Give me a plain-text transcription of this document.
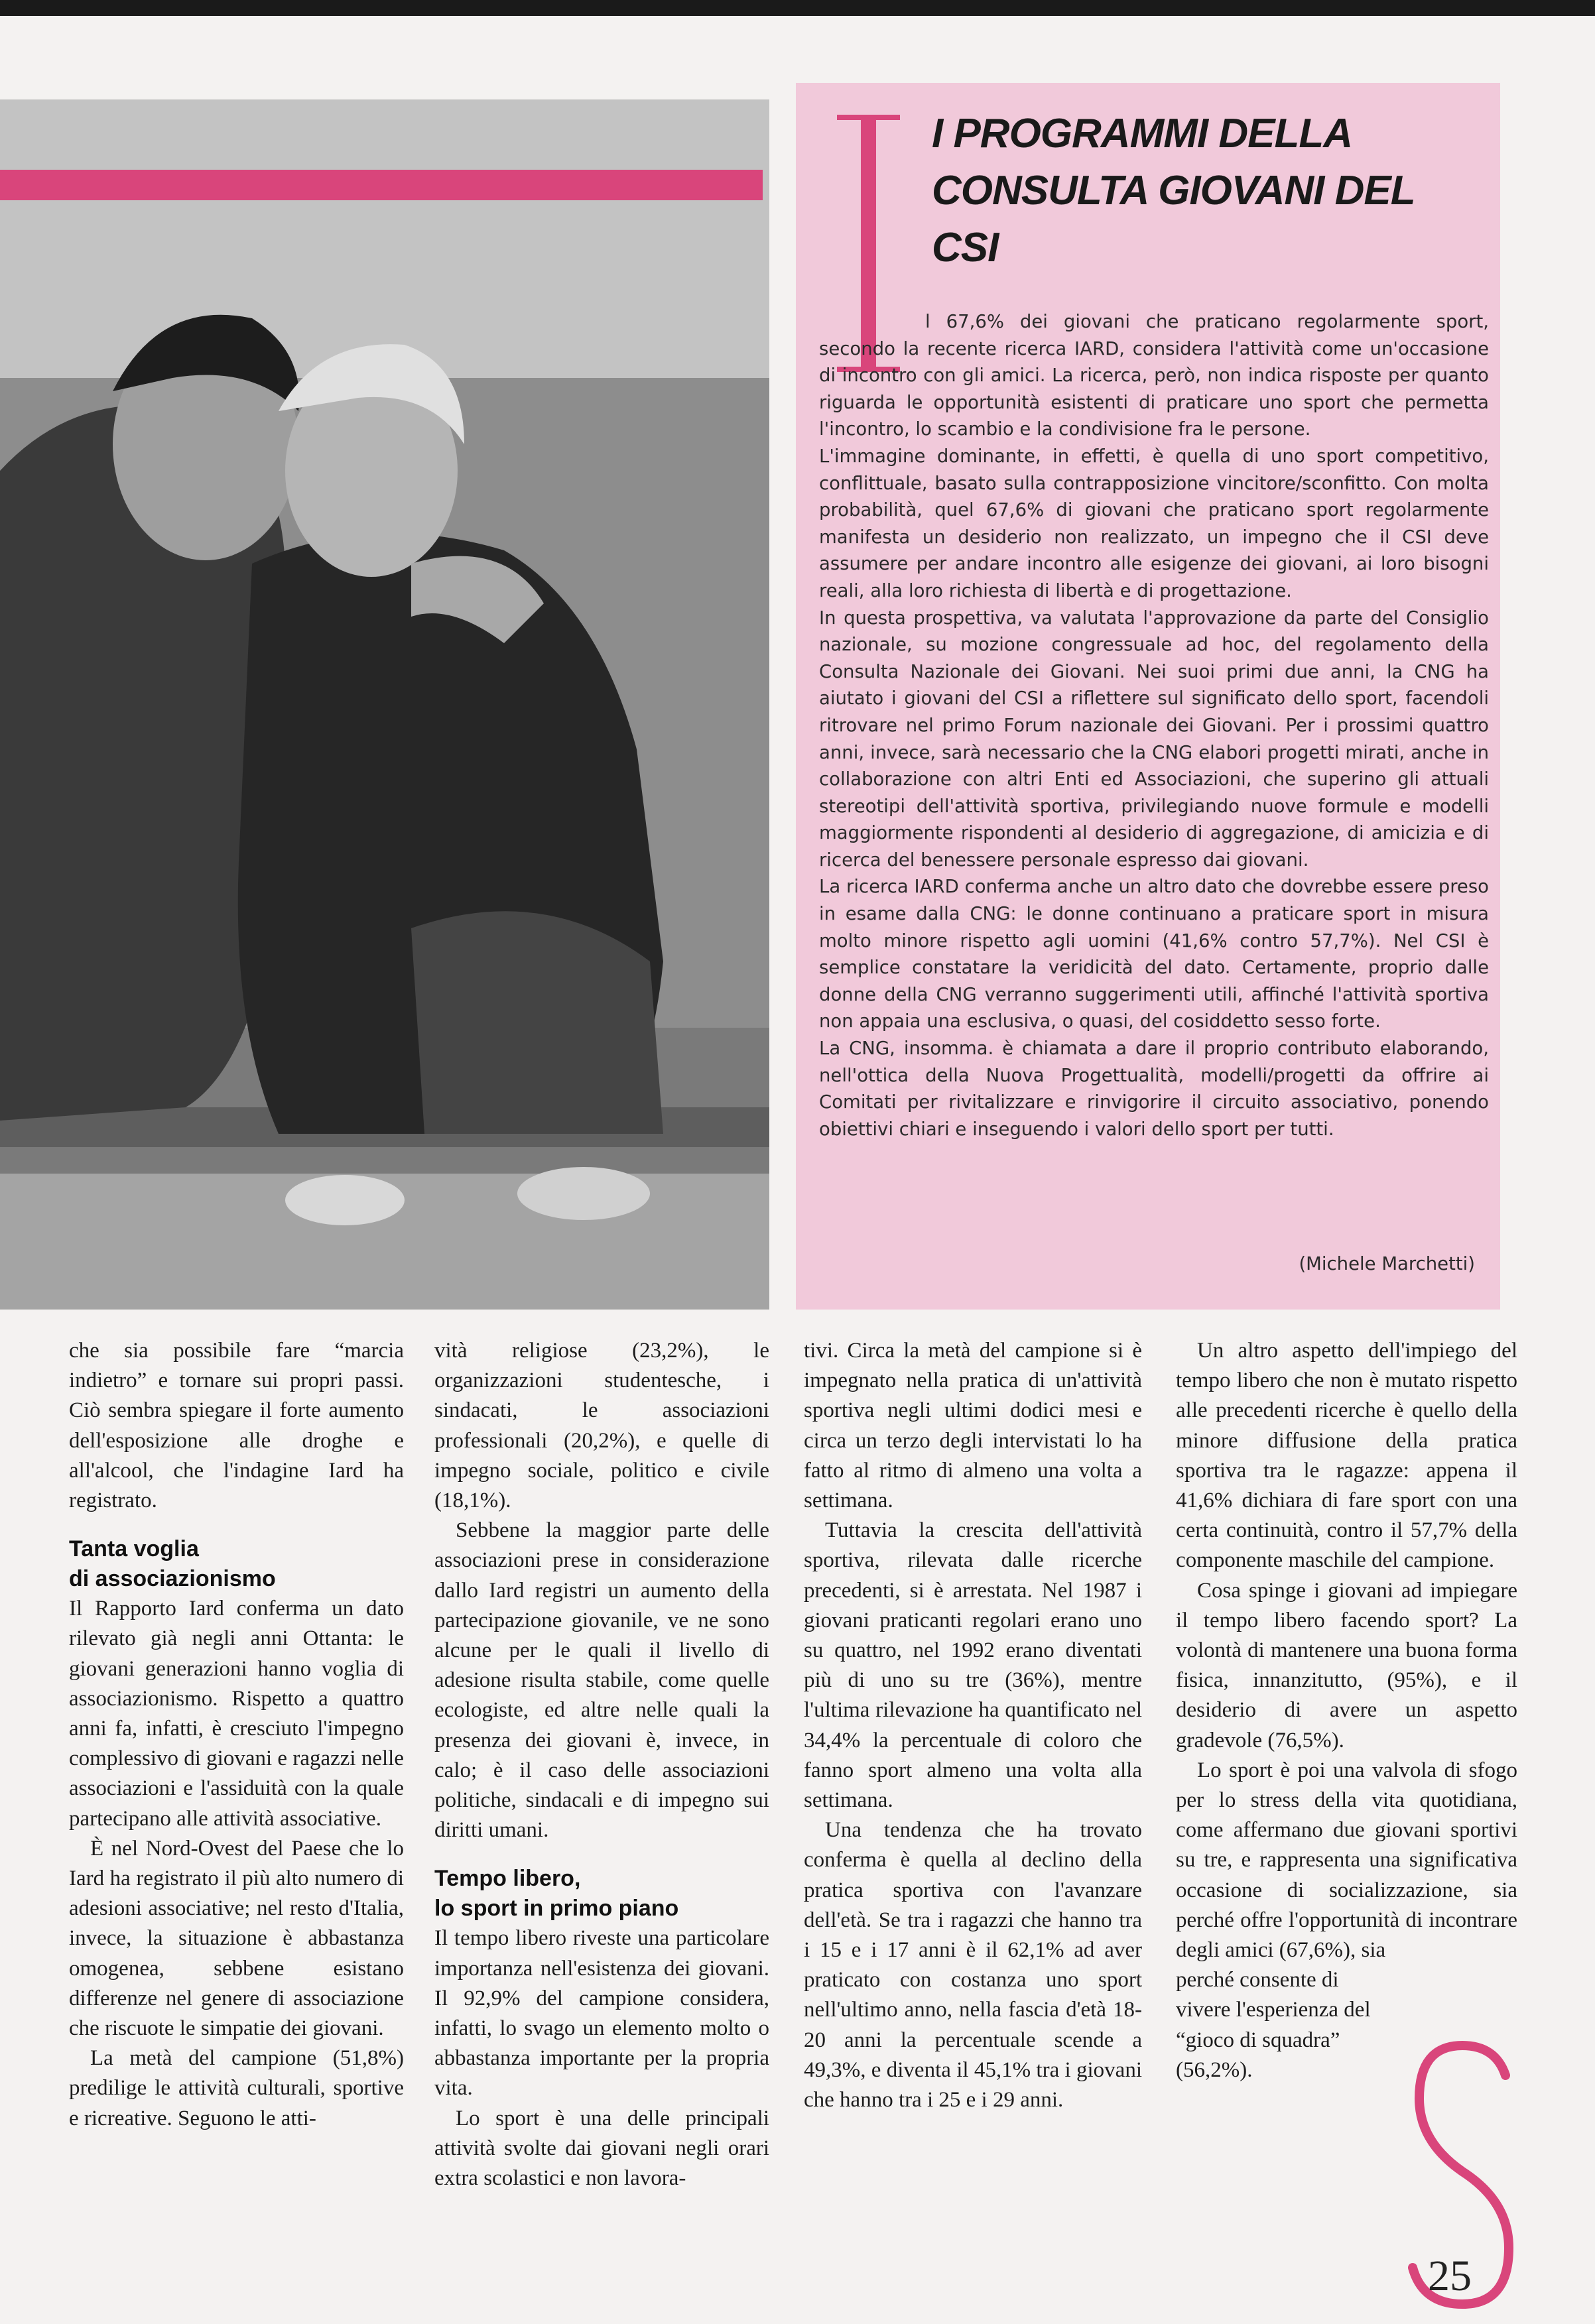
I PROGRAMMI DELLA CONSULTA GIOVANI DEL CSI

l 67,6% dei giovani che praticano regolarmente sport, secondo la recente ricerca IARD, considera l'attività come un'occasione di incontro con gli amici. La ricerca, però, non indica risposte per quanto riguarda le opportunità esistenti di praticare uno sport che permetta l'incontro, lo scambio e la condivisione fra le persone.

L'immagine dominante, in effetti, è quella di uno sport competitivo, conflittuale, basato sulla contrapposizione vincitore/sconfitto. Con molta probabilità, quel 67,6% di giovani che praticano sport regolarmente manifesta un desiderio non realizzato, un impegno che il CSI deve assumere per andare incontro alle esigenze dei giovani, ai loro bisogni reali, alla loro richiesta di libertà e di progettazione.

In questa prospettiva, va valutata l'approvazione da parte del Consiglio nazionale, su mozione congressuale ad hoc, del regolamento della Consulta Nazionale dei Giovani. Nei suoi primi due anni, la CNG ha aiutato i giovani del CSI a riflettere sul significato dello sport, facendoli ritrovare nel primo Forum nazionale dei Giovani. Per i prossimi quattro anni, invece, sarà necessario che la CNG elabori progetti mirati, anche in collaborazione con altri Enti ed Associazioni, che superino gli attuali stereotipi dell'attività sportiva, privilegiando nuove formule e modelli maggiormente rispondenti al desiderio di aggregazione, di amicizia e di ricerca del benessere personale espresso dai giovani.

La ricerca IARD conferma anche un altro dato che dovrebbe essere preso in esame dalla CNG: le donne continuano a praticare sport in misura molto minore rispetto agli uomini (41,6% contro 57,7%). Nel CSI è semplice constatare la veridicità del dato. Certamente, proprio dalle donne della CNG verranno suggerimenti utili, affinché l'attività sportiva non appaia una esclusiva, o quasi, del cosiddetto sesso forte.

La CNG, insomma. è chiamata a dare il proprio contributo elaborando, nell'ottica della Nuova Progettualità, modelli/progetti da offrire ai Comitati per rivitalizzare e rinvigorire il circuito associativo, ponendo obiettivi chiari e inseguendo i valori dello sport per tutti.

(Michele Marchetti)

che sia possibile fare “marcia indietro” e tornare sui propri passi. Ciò sembra spiegare il forte aumento dell'esposizione alle droghe e all'alcool, che l'indagine Iard ha registrato.

Tanta voglia
di associazionismo

Il Rapporto Iard conferma un dato rilevato già negli anni Ottanta: le giovani generazioni hanno voglia di associazionismo. Rispetto a quattro anni fa, infatti, è cresciuto l'impegno complessivo di giovani e ragazzi nelle associazioni e l'assiduità con la quale partecipano alle attività associative.

È nel Nord-Ovest del Paese che lo Iard ha registrato il più alto numero di adesioni associative; nel resto d'Italia, invece, la situazione è abbastanza omogenea, sebbene esistano differenze nel genere di associazione che riscuote le simpatie dei giovani.

La metà del campione (51,8%) predilige le attività culturali, sportive e ricreative. Seguono le atti-

vità religiose (23,2%), le organizzazioni studentesche, i sindacati, le associazioni professionali (20,2%), e quelle di impegno sociale, politico e civile (18,1%).

Sebbene la maggior parte delle associazioni prese in considerazione dallo Iard registri un aumento della partecipazione giovanile, ve ne sono alcune per le quali il livello di adesione risulta stabile, come quelle ecologiste, ed altre nelle quali la presenza dei giovani è, invece, in calo; è il caso delle associazioni politiche, sindacali e di impegno sui diritti umani.

Tempo libero,
lo sport in primo piano

Il tempo libero riveste una particolare importanza nell'esistenza dei giovani. Il 92,9% del campione considera, infatti, lo svago un elemento molto o abbastanza importante per la propria vita.

Lo sport è una delle principali attività svolte dai giovani negli orari extra scolastici e non lavora-

tivi. Circa la metà del campione si è impegnato nella pratica di un'attività sportiva negli ultimi dodici mesi e circa un terzo degli intervistati lo ha fatto al ritmo di almeno una volta a settimana.

Tuttavia la crescita dell'attività sportiva, rilevata dalle ricerche precedenti, si è arrestata. Nel 1987 i giovani praticanti regolari erano uno su quattro, nel 1992 erano diventati più di uno su tre (36%), mentre l'ultima rilevazione ha quantificato nel 34,4% la percentuale di coloro che fanno sport almeno una volta alla settimana.

Una tendenza che ha trovato conferma è quella al declino della pratica sportiva con l'avanzare dell'età. Se tra i ragazzi che hanno tra i 15 e i 17 anni è il 62,1% ad aver praticato con costanza uno sport nell'ultimo anno, nella fascia d'età 18-20 anni la percentuale scende a 49,3%, e diventa il 45,1% tra i giovani che hanno tra i 25 e i 29 anni.

Un altro aspetto dell'impiego del tempo libero che non è mutato rispetto alle precedenti ricerche è quello della minore diffusione della pratica sportiva tra le ragazze: appena il 41,6% dichiara di fare sport con una certa continuità, contro il 57,7% della componente maschile del campione.

Cosa spinge i giovani ad impiegare il tempo libero facendo sport? La volontà di mantenere una buona forma fisica, innanzitutto, (95%), e il desiderio di avere un aspetto gradevole (76,5%).

Lo sport è poi una valvola di sfogo per lo stress della vita quotidiana, come affermano due giovani sportivi su tre, e rappresenta una significativa occasione di socializzazione, sia perché offre l'opportunità di incontrare degli amici (67,6%), sia

perché consente di vivere l'esperienza del “gioco di squadra” (56,2%).

25
